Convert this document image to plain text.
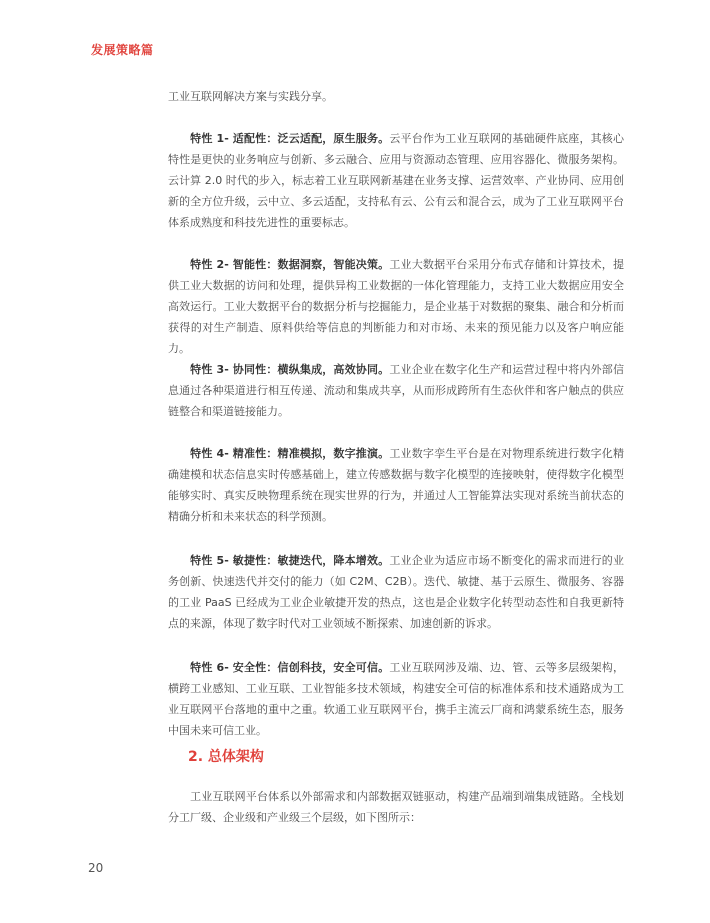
发展策略篇
工业互联网解决方案与实践分享。
特性 1- 适配性：泛云适配，原生服务。云平台作为工业互联网的基础硬件底座，其核心特性是更快的业务响应与创新、多云融合、应用与资源动态管理、应用容器化、微服务架构。云计算 2.0 时代的步入，标志着工业互联网新基建在业务支撑、运营效率、产业协同、应用创新的全方位升级，云中立、多云适配，支持私有云、公有云和混合云，成为了工业互联网平台体系成熟度和科技先进性的重要标志。
特性 2- 智能性：数据洞察，智能决策。工业大数据平台采用分布式存储和计算技术，提供工业大数据的访问和处理，提供异构工业数据的一体化管理能力，支持工业大数据应用安全高效运行。工业大数据平台的数据分析与挖掘能力，是企业基于对数据的聚集、融合和分析而获得的对生产制造、原料供给等信息的判断能力和对市场、未来的预见能力以及客户响应能力。
特性 3- 协同性：横纵集成，高效协同。工业企业在数字化生产和运营过程中将内外部信息通过各种渠道进行相互传递、流动和集成共享，从而形成跨所有生态伙伴和客户触点的供应链整合和渠道链接能力。
特性 4- 精准性：精准模拟，数字推演。工业数字孪生平台是在对物理系统进行数字化精确建模和状态信息实时传感基础上，建立传感数据与数字化模型的连接映射，使得数字化模型能够实时、真实反映物理系统在现实世界的行为，并通过人工智能算法实现对系统当前状态的精确分析和未来状态的科学预测。
特性 5- 敏捷性：敏捷迭代，降本增效。工业企业为适应市场不断变化的需求而进行的业务创新、快速迭代并交付的能力（如 C2M、C2B）。迭代、敏捷、基于云原生、微服务、容器的工业 PaaS 已经成为工业企业敏捷开发的热点，这也是企业数字化转型动态性和自我更新特点的来源，体现了数字时代对工业领域不断探索、加速创新的诉求。
特性 6- 安全性：信创科技，安全可信。工业互联网涉及端、边、管、云等多层级架构，横跨工业感知、工业互联、工业智能多技术领域，构建安全可信的标准体系和技术通路成为工业互联网平台落地的重中之重。软通工业互联网平台，携手主流云厂商和鸿蒙系统生态，服务中国未来可信工业。
2. 总体架构
工业互联网平台体系以外部需求和内部数据双链驱动，构建产品端到端集成链路。全栈划分工厂级、企业级和产业级三个层级，如下图所示：
20
